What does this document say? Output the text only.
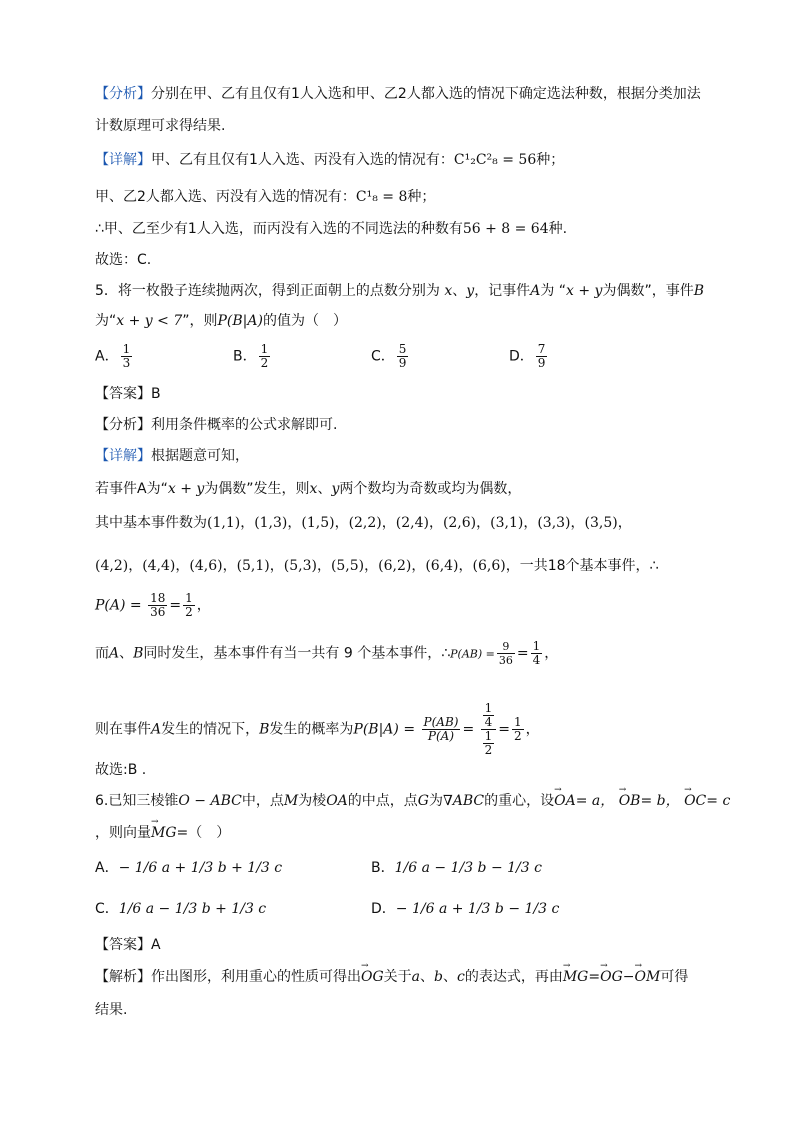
【分析】分别在甲、乙有且仅有1人入选和甲、乙2人都入选的情况下确定选法种数，根据分类加法
计数原理可求得结果.
【详解】甲、乙有且仅有1人入选、丙没有入选的情况有：C¹₂C²₈ = 56种；
甲、乙2人都入选、丙没有入选的情况有：C¹₈ = 8种；
∴甲、乙至少有1人入选，而丙没有入选的不同选法的种数有56 + 8 = 64种.
故选：C.
5．将一枚骰子连续抛两次，得到正面朝上的点数分别为 x、y，记事件A为 “x + y为偶数”，事件B
为“x + y < 7”，则P(B|A)的值为（　）
A． $\frac{1}{3}$	B． $\frac{1}{2}$	C． $\frac{5}{9}$	D． $\frac{7}{9}$
【答案】B
【分析】利用条件概率的公式求解即可.
【详解】根据题意可知，
若事件A为“x + y为偶数”发生，则x、y两个数均为奇数或均为偶数，
其中基本事件数为(1,1)，(1,3)，(1,5)，(2,2)，(2,4)，(2,6)，(3,1)，(3,3)，(3,5)，
(4,2)，(4,4)，(4,6)，(5,1)，(5,3)，(5,5)，(6,2)，(6,4)，(6,6)，一共18个基本事件，∴
$P(A) = \frac{18}{36} = \frac{1}{2}$ ，
而A、B同时发生，基本事件有当一共有 9 个基本事件，∴P(AB) = $\frac{9}{36} = \frac{1}{4}$ ，
则在事件A发生的情况下，B发生的概率为$P(B|A) = \frac{P(AB)}{P(A)} = \frac{\frac{1}{4}}{\frac{1}{2}} = \frac{1}{2}$ ，
故选:B .
6.已知三棱锥O − ABC中，点M为棱OA的中点，点G为∇ABC的重心，设→ OA= a， → OB= b， → OC= c
，则向量→ MG=（　）
A．− 1/6 a + 1/3 b + 1/3 c	B．1/6 a − 1/3 b − 1/3 c
C．1/6 a − 1/3 b + 1/3 c	D．− 1/6 a + 1/3 b − 1/3 c
【答案】A
【解析】作出图形，利用重心的性质可得出→ OG关于a、b、c的表达式，再由→ MG=→ OG−→ OM可得
结果.
